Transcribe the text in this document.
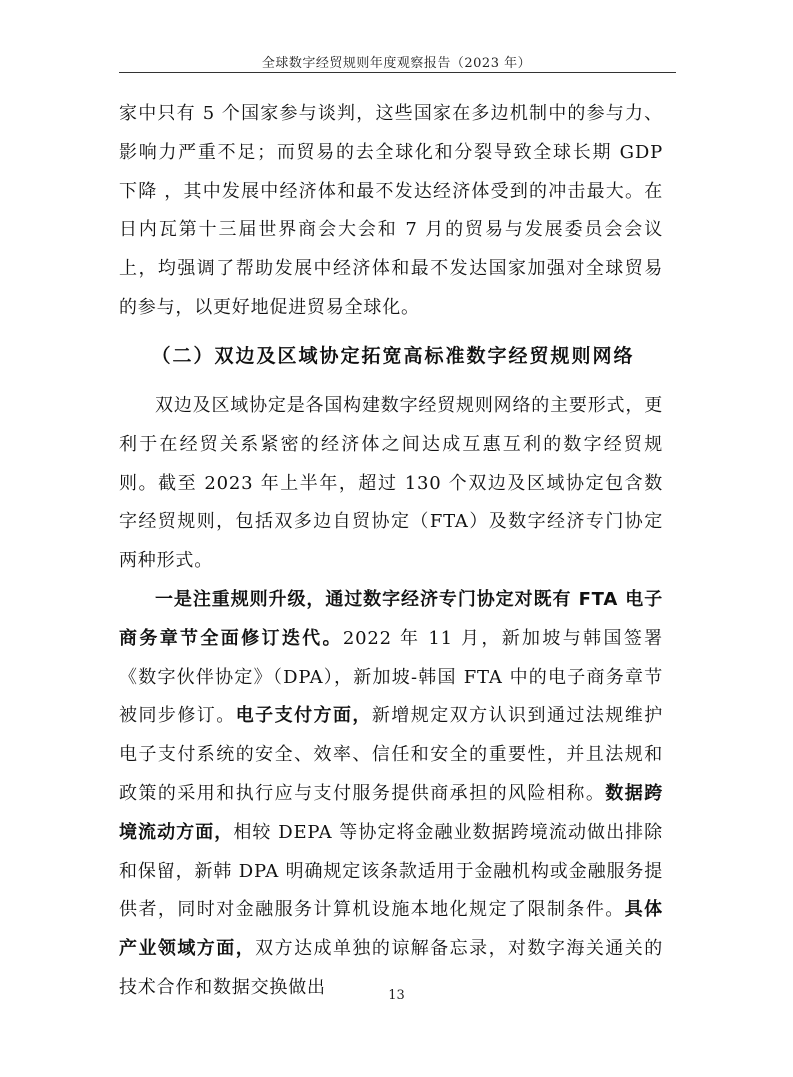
全球数字经贸规则年度观察报告（2023 年）

家中只有 5 个国家参与谈判，这些国家在多边机制中的参与力、影响力严重不足；而贸易的去全球化和分裂导致全球长期 GDP 下降 ，其中发展中经济体和最不发达经济体受到的冲击最大。在日内瓦第十三届世界商会大会和 7 月的贸易与发展委员会会议上，均强调了帮助发展中经济体和最不发达国家加强对全球贸易的参与，以更好地促进贸易全球化。

（二）双边及区域协定拓宽高标准数字经贸规则网络

双边及区域协定是各国构建数字经贸规则网络的主要形式，更利于在经贸关系紧密的经济体之间达成互惠互利的数字经贸规则。截至 2023 年上半年，超过 130 个双边及区域协定包含数字经贸规则，包括双多边自贸协定（FTA）及数字经济专门协定两种形式。

一是注重规则升级，通过数字经济专门协定对既有 FTA 电子商务章节全面修订迭代。2022 年 11 月，新加坡与韩国签署《数字伙伴协定》（DPA），新加坡-韩国 FTA 中的电子商务章节被同步修订。电子支付方面，新增规定双方认识到通过法规维护电子支付系统的安全、效率、信任和安全的重要性，并且法规和政策的采用和执行应与支付服务提供商承担的风险相称。数据跨境流动方面，相较 DEPA 等协定将金融业数据跨境流动做出排除和保留，新韩 DPA 明确规定该条款适用于金融机构或金融服务提供者，同时对金融服务计算机设施本地化规定了限制条件。具体产业领域方面，双方达成单独的谅解备忘录，对数字海关通关的技术合作和数据交换做出	13
